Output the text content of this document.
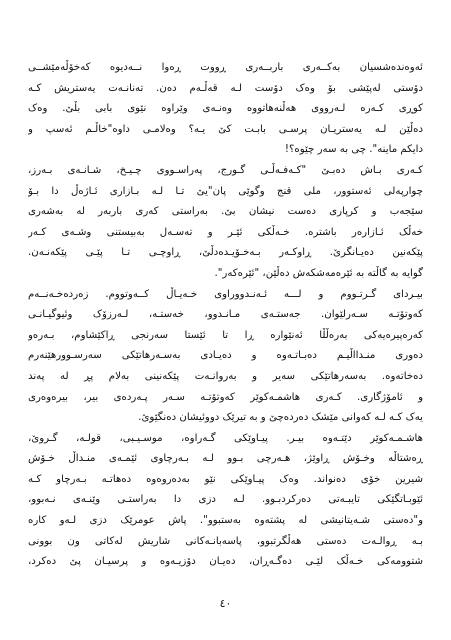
ئەوەندەشسیان بەکــەری باربــەری ڕووت ڕەوا نــەدیوە کەخۆڵەمێشــی
دۆستی لەپێشی بۆ وەک دۆست لـە قەڵـەم دەن. تەنانـەت یەستریش کـە
کوڕی کـەرە لـەرووی هەڵنەهاتووە وەنـەی وێراوە نێوی بابی بڵێ. وەک
دەڵێن لـە یەستریـان پرسـی بابـت کێ یـە؟ وەلامـی داوە"خاڵـم ئەسپ و
دایکم ماینە". چی بە سەر چێوە؟!
کـەری بـاش دەبـێ "کـەفـەڵـی گـورج، پەراسـووی چـیـخ، شـانـەی بـەرز،
چوارپەلی ئەستوور، ملی قنج وگوێی پان"یێ تـا لـە بـازاری ئـاژەڵ دا بـۆ
سێجەب و کرپاری دەست نیشان بێ. بەراستی کەری باربەر لە بەشەری
خەڵک ئـازارەر باشترە. خـەڵکی ئێـر و تەسـەل بەبیستنی وشـەی کـەر
پێکەنین دەیـانگرێ. ڕاوکـەر بـەخـۆیـدەدڵێ، ڕاوچـی تـا پێـی پێکەنـەن.
گوایە بە گاڵتە بە ئێرەمەشکەش دەڵێن، "ئێرەکەر".
بیـردای گـرتـووم و لـــە ئـەنـدووراوی خـەیـاڵ کــەوتووم. زەردەخـەنــەم
کەوتۆتـە سـەرلێوان. جەستـەی مـانـدوو، خەستـە، لـەرزۆک وئیوگیـانـی
کەرەپیرەیەکی بەرەڵڵا ئەنێوارە ڕا تا ئێستا سەرنجی ڕاکێشاوم، بـەرەو
دەوری منـدااڵیـم دەبـاتـەوە و دەیـادی بەسـەرهاتێکی سەرسـوورهێنەرم
دەخاتەوە. بەسەرهاتێکی سەیر و بەروانـەت پێکەنینی بەلام پڕ لە پەند
و ئامۆژگاری. کـەری هاشمـەکوێر کەوتۆتـە سـەر پـەردەی بیر، بیرەوەری
یەک کـە لـە کەوانی مێشک دەردەچێ و بە تیرێک دووئیشان دەنگێوێ.
هاشـمـەکوێر دێتـەوە بیـر. پیـاوێکی گـەراوە، موسـیـبی، قولـە، گـروێ،
ڕەشتاڵە وخـۆش ڕاوێژ، هـەرچی بـوو لـە بـەرچاوی ئێمـەی منـداڵ خـۆش
شیرین خۆی دەنواند. وەک پیـاوێکی نێو بەدەروەوە دەهاتـە بـەرچاو کـە
ئێوبـاتگێکی تایبـەتی دەرکردبـوو. لـە دزی دا بەراستـی وێنـەی نـەبوو،
و"دەستی شـەیتانیشی لە پشتەوە بەستبوو". پاش عومرێک دزی لـەو کارە
بـە ڕوالـەت دەستی هەڵگرتبوو، پاسەبانـەکانی شاریش لەکاتی ون بوونی
شتوومەکی خـەڵک لێـی دەگـەڕان، دەیـان دۆزیـەوە و پرسیـان پێ دەکرد،
٤٠
